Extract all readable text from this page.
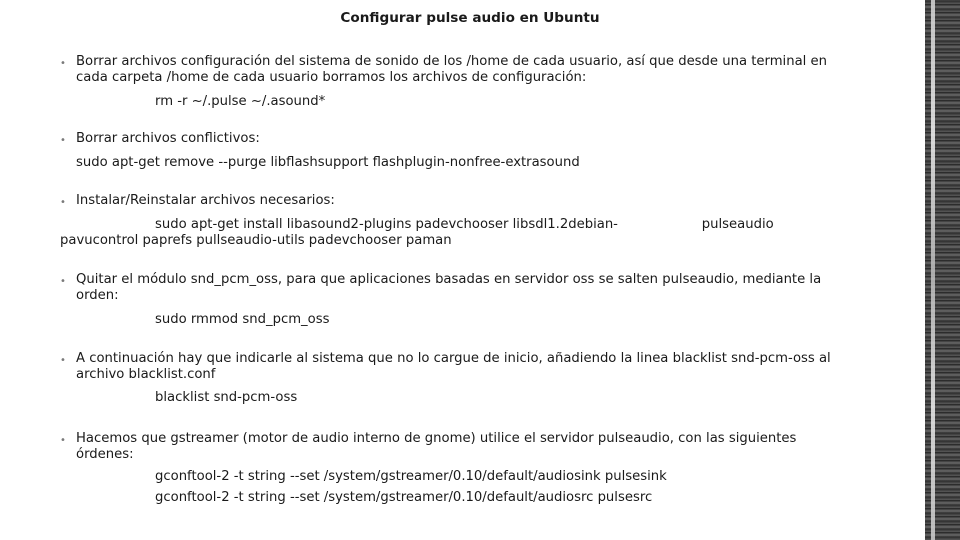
Configurar pulse audio en Ubuntu
• Borrar archivos configuración del sistema de sonido de los /home de cada usuario, así que desde una terminal en
cada carpeta /home de cada usuario borramos los archivos de configuración:
rm -r ~/.pulse ~/.asound*
• Borrar archivos conflictivos:
sudo apt-get remove --purge libflashsupport flashplugin-nonfree-extrasound
• Instalar/Reinstalar archivos necesarios:
sudo apt-get install libasound2-plugins padevchooser libsdl1.2debian-                    pulseaudio
pavucontrol paprefs pullseaudio-utils padevchooser paman
• Quitar el módulo snd_pcm_oss, para que aplicaciones basadas en servidor oss se salten pulseaudio, mediante la
orden:
sudo rmmod snd_pcm_oss
• A continuación hay que indicarle al sistema que no lo cargue de inicio, añadiendo la linea blacklist snd-pcm-oss al
archivo blacklist.conf
blacklist snd-pcm-oss
• Hacemos que gstreamer (motor de audio interno de gnome) utilice el servidor pulseaudio, con las siguientes
órdenes:
gconftool-2 -t string --set /system/gstreamer/0.10/default/audiosink pulsesink
gconftool-2 -t string --set /system/gstreamer/0.10/default/audiosrc pulsesrc
